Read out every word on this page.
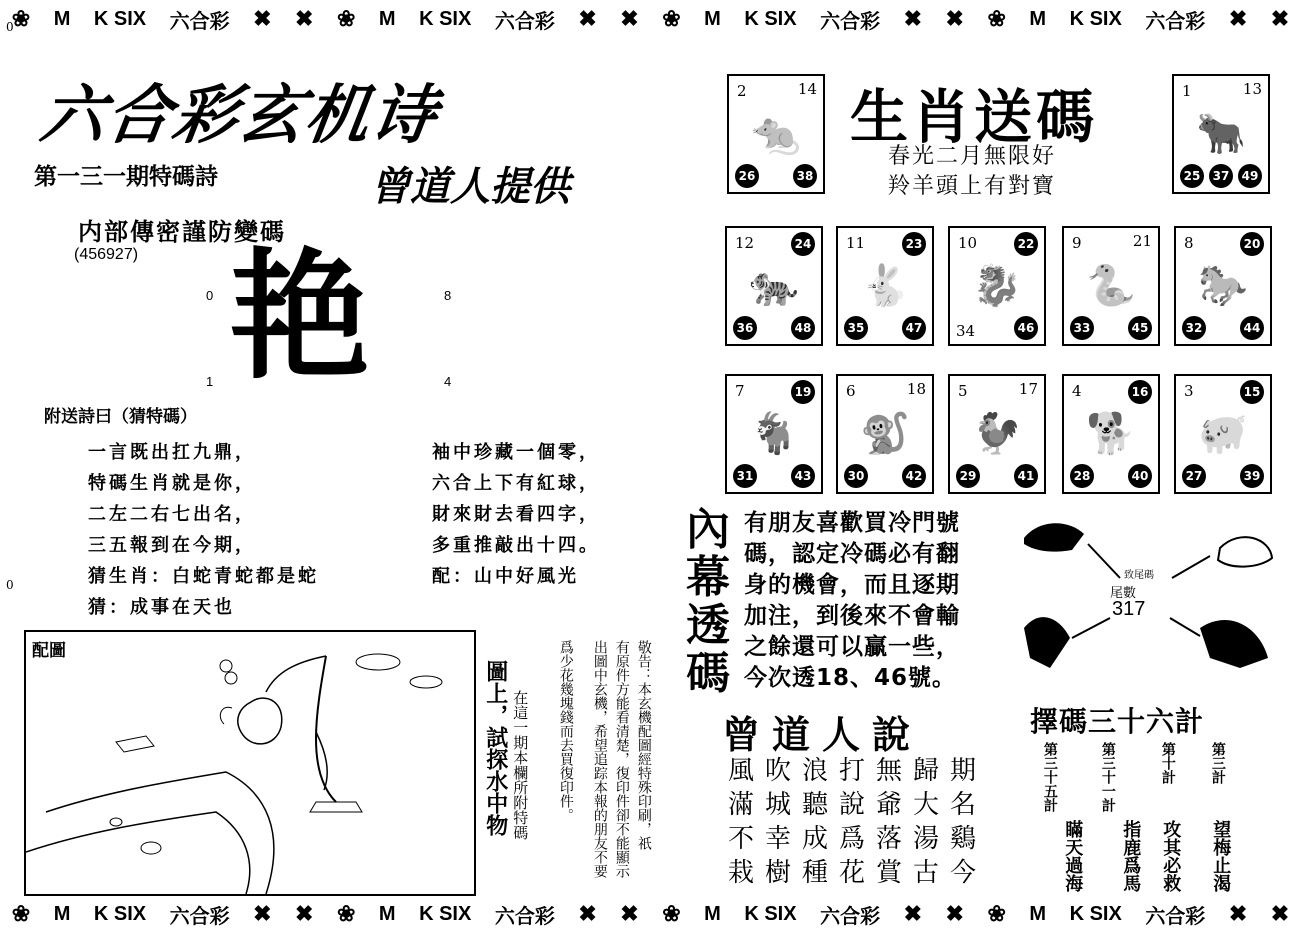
❀ M K SIX 六合彩 ✖ ✖ ❀ M K SIX 六合彩 ✖ ✖ ❀ M K SIX 六合彩 ✖ ✖ ❀ M K SIX 六合彩 ✖ ✖
❀ M K SIX 六合彩 ✖ ✖ ❀ M K SIX 六合彩 ✖ ✖ ❀ M K SIX 六合彩 ✖ ✖ ❀ M K SIX 六合彩 ✖ ✖
六合彩玄机诗
第一三一期特碼詩	曾道人提供
内部傳密謹防變碼
(456927)
0	8
1	4
艳
附送詩曰（猜特碼）
一言既出扛九鼎，
特碼生肖就是你，
二左二右七出名，
三五報到在今期，
猜生肖：白蛇青蛇都是蛇
猜：成事在天也
袖中珍藏一個零，
六合上下有紅球，
財來財去看四字，
多重推敲出十四。
配：山中好風光
0
0
配圖
在這一期本欄所附特碼
圖上，試探水中物	敬告：本玄機配圖經特殊印刷，祇
有原件方能看清楚，復印件卻不能顯示
出圖中玄機，希望追踪本報的朋友不要
爲少花幾塊錢而去買復印件。
生肖送碼
春光二月無限好
羚羊頭上有對寶
2	14
26	38
🐀
1	13
25	37	49
🐂
12	24
36	48
🐅
11	23
35	47
🐇
10	22
34	46
🐉
9	21
33	45
🐍
8	20
32	44
🐎
7	19
31	43
🐐
6	18
30	42
🐒
5	17
29	41
🐓
4	16
28	40
🐕
3	15
27	39
🐖
內
幕
透
碼
有朋友喜歡買冷門號
碼，認定冷碼必有翻
身的機會，而且逐期
加注，到後來不會輸
之餘還可以贏一些，
今次透18、46號。
致尾碼
尾數
317
曾道人說
風吹浪打無歸期
滿城聽說爺大名
不幸成爲落湯鷄
栽樹種花賞古今
擇碼三十六計
第三十五計
瞞天過海
第三十一計
指鹿爲馬
第十計
攻其必救
第三計
望梅止渴
